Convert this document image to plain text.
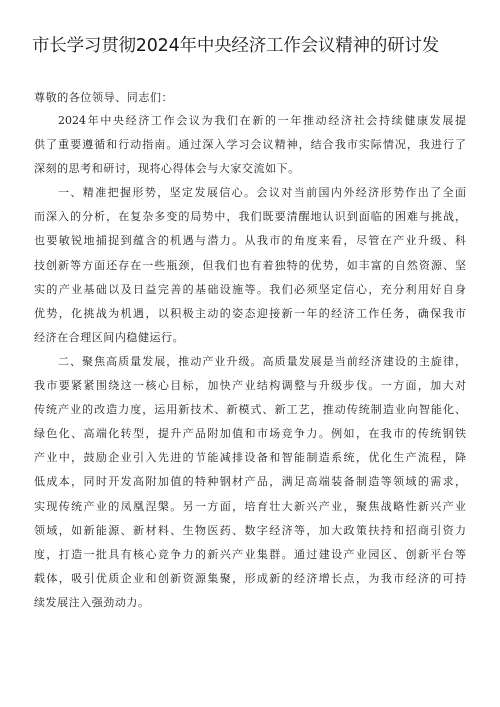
市长学习贯彻2024年中央经济工作会议精神的研讨发
尊敬的各位领导、同志们：
2024年中央经济工作会议为我们在新的一年推动经济社会持续健康发展提
供了重要遵循和行动指南。通过深入学习会议精神，结合我市实际情况，我进行了
深刻的思考和研讨，现将心得体会与大家交流如下。
一、精准把握形势，坚定发展信心。会议对当前国内外经济形势作出了全面
而深入的分析，在复杂多变的局势中，我们既要清醒地认识到面临的困难与挑战，
也要敏锐地捕捉到蕴含的机遇与潜力。从我市的角度来看，尽管在产业升级、科
技创新等方面还存在一些瓶颈，但我们也有着独特的优势，如丰富的自然资源、坚
实的产业基础以及日益完善的基础设施等。我们必须坚定信心，充分利用好自身
优势，化挑战为机遇，以积极主动的姿态迎接新一年的经济工作任务，确保我市
经济在合理区间内稳健运行。
二、聚焦高质量发展，推动产业升级。高质量发展是当前经济建设的主旋律，
我市要紧紧围绕这一核心目标，加快产业结构调整与升级步伐。一方面，加大对
传统产业的改造力度，运用新技术、新模式、新工艺，推动传统制造业向智能化、
绿色化、高端化转型，提升产品附加值和市场竞争力。例如，在我市的传统钢铁
产业中，鼓励企业引入先进的节能减排设备和智能制造系统，优化生产流程，降
低成本，同时开发高附加值的特种钢材产品，满足高端装备制造等领域的需求，
实现传统产业的凤凰涅槃。另一方面，培育壮大新兴产业，聚焦战略性新兴产业
领域，如新能源、新材料、生物医药、数字经济等，加大政策扶持和招商引资力
度，打造一批具有核心竞争力的新兴产业集群。通过建设产业园区、创新平台等
载体，吸引优质企业和创新资源集聚，形成新的经济增长点，为我市经济的可持
续发展注入强劲动力。
